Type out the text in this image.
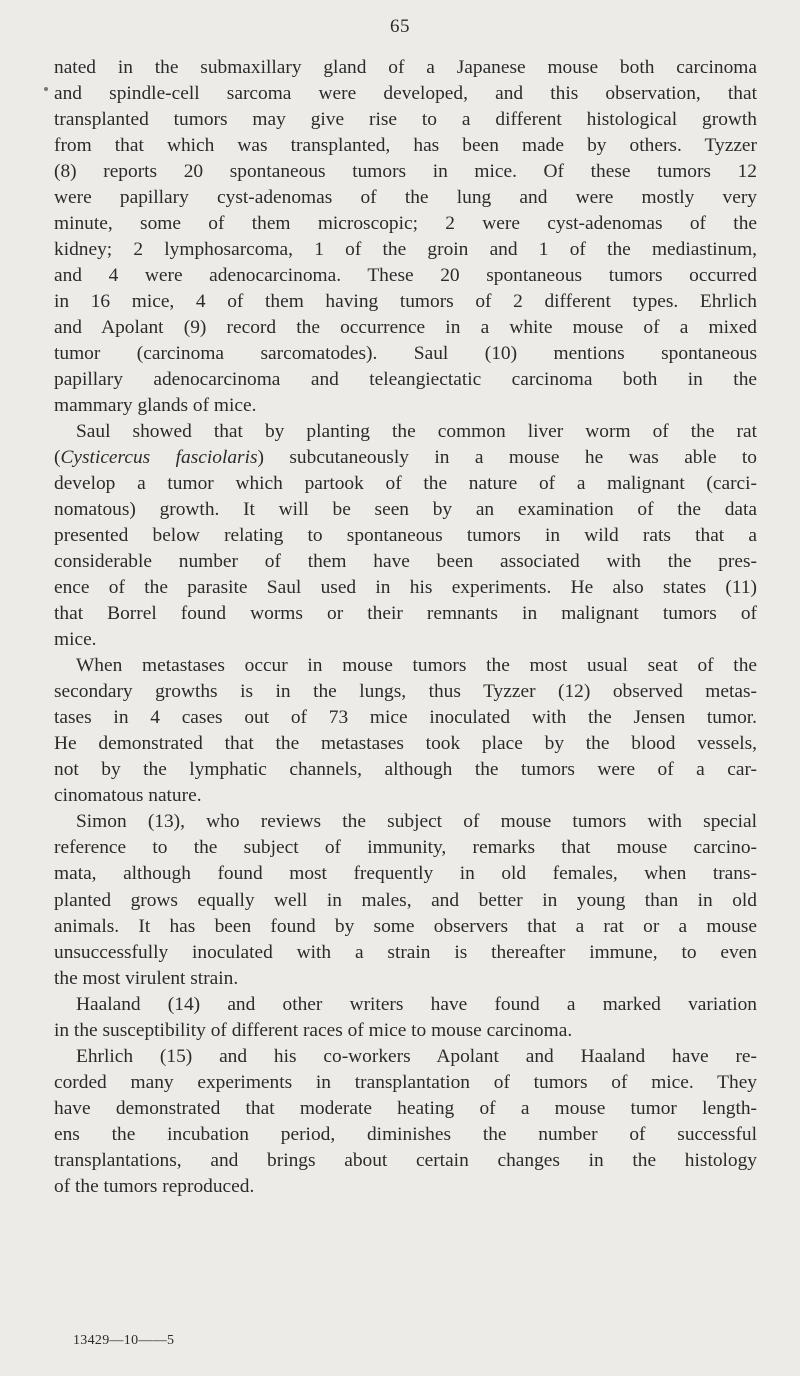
65
nated in the submaxillary gland of a Japanese mouse both carcinoma
and spindle-cell sarcoma were developed, and this observation, that
transplanted tumors may give rise to a different histological growth
from that which was transplanted, has been made by others. Tyzzer
(8) reports 20 spontaneous tumors in mice. Of these tumors 12
were papillary cyst-adenomas of the lung and were mostly very
minute, some of them microscopic; 2 were cyst-adenomas of the
kidney; 2 lymphosarcoma, 1 of the groin and 1 of the mediastinum,
and 4 were adenocarcinoma. These 20 spontaneous tumors occurred
in 16 mice, 4 of them having tumors of 2 different types. Ehrlich
and Apolant (9) record the occurrence in a white mouse of a mixed
tumor (carcinoma sarcomatodes). Saul (10) mentions spontaneous
papillary adenocarcinoma and teleangiectatic carcinoma both in the
mammary glands of mice.
Saul showed that by planting the common liver worm of the rat
(Cysticercus fasciolaris) subcutaneously in a mouse he was able to
develop a tumor which partook of the nature of a malignant (carci-
nomatous) growth. It will be seen by an examination of the data
presented below relating to spontaneous tumors in wild rats that a
considerable number of them have been associated with the pres-
ence of the parasite Saul used in his experiments. He also states (11)
that Borrel found worms or their remnants in malignant tumors of
mice.
When metastases occur in mouse tumors the most usual seat of the
secondary growths is in the lungs, thus Tyzzer (12) observed metas-
tases in 4 cases out of 73 mice inoculated with the Jensen tumor.
He demonstrated that the metastases took place by the blood vessels,
not by the lymphatic channels, although the tumors were of a car-
cinomatous nature.
Simon (13), who reviews the subject of mouse tumors with special
reference to the subject of immunity, remarks that mouse carcino-
mata, although found most frequently in old females, when trans-
planted grows equally well in males, and better in young than in old
animals. It has been found by some observers that a rat or a mouse
unsuccessfully inoculated with a strain is thereafter immune, to even
the most virulent strain.
Haaland (14) and other writers have found a marked variation
in the susceptibility of different races of mice to mouse carcinoma.
Ehrlich (15) and his co-workers Apolant and Haaland have re-
corded many experiments in transplantation of tumors of mice. They
have demonstrated that moderate heating of a mouse tumor length-
ens the incubation period, diminishes the number of successful
transplantations, and brings about certain changes in the histology
of the tumors reproduced.
13429—10——5
